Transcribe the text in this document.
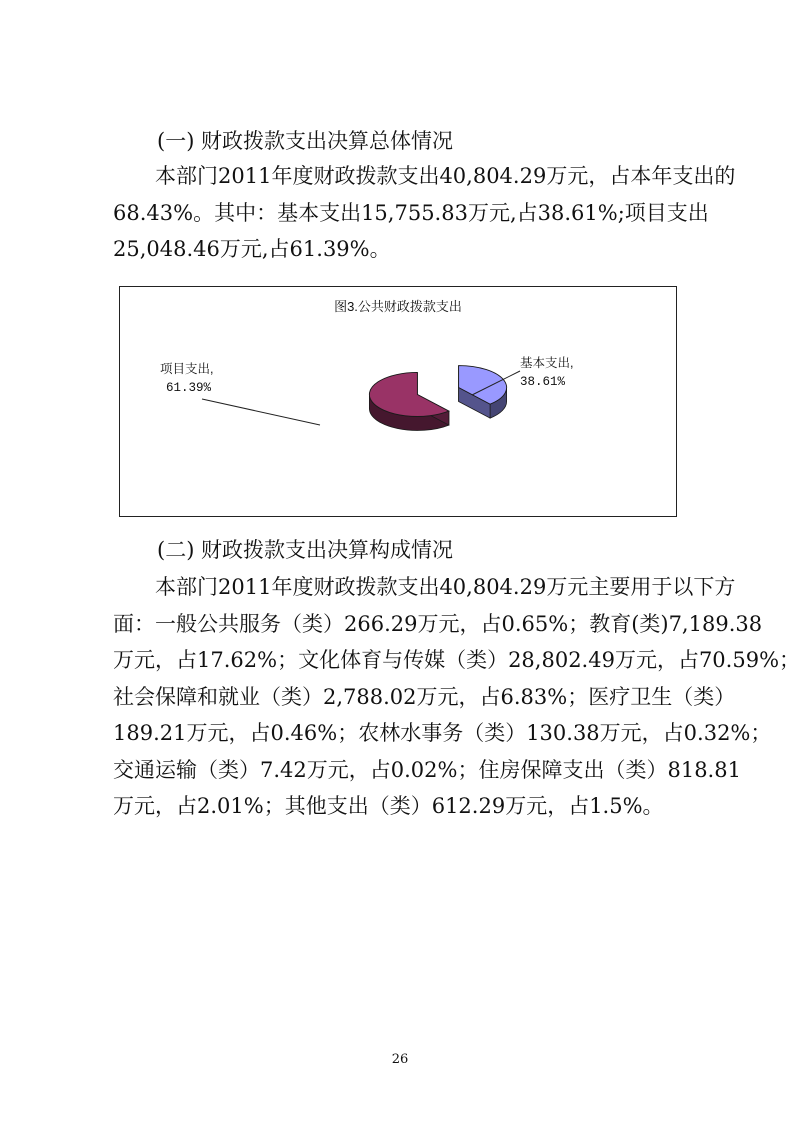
(一) 财政拨款支出决算总体情况
本部门2011年度财政拨款支出40,804.29万元，占本年支出的
68.43%。其中：基本支出15,755.83万元,占38.61%;项目支出
25,048.46万元,占61.39%。
图3.公共财政拨款支出
项目支出,
61.39%
基本支出,
38.61%
(二) 财政拨款支出决算构成情况
本部门2011年度财政拨款支出40,804.29万元主要用于以下方
面：一般公共服务（类）266.29万元，占0.65%；教育(类)7,189.38
万元，占17.62%；文化体育与传媒（类）28,802.49万元，占70.59%；
社会保障和就业（类）2,788.02万元，占6.83%；医疗卫生（类）
189.21万元，占0.46%；农林水事务（类）130.38万元，占0.32%；
交通运输（类）7.42万元，占0.02%；住房保障支出（类）818.81
万元，占2.01%；其他支出（类）612.29万元，占1.5%。
26
